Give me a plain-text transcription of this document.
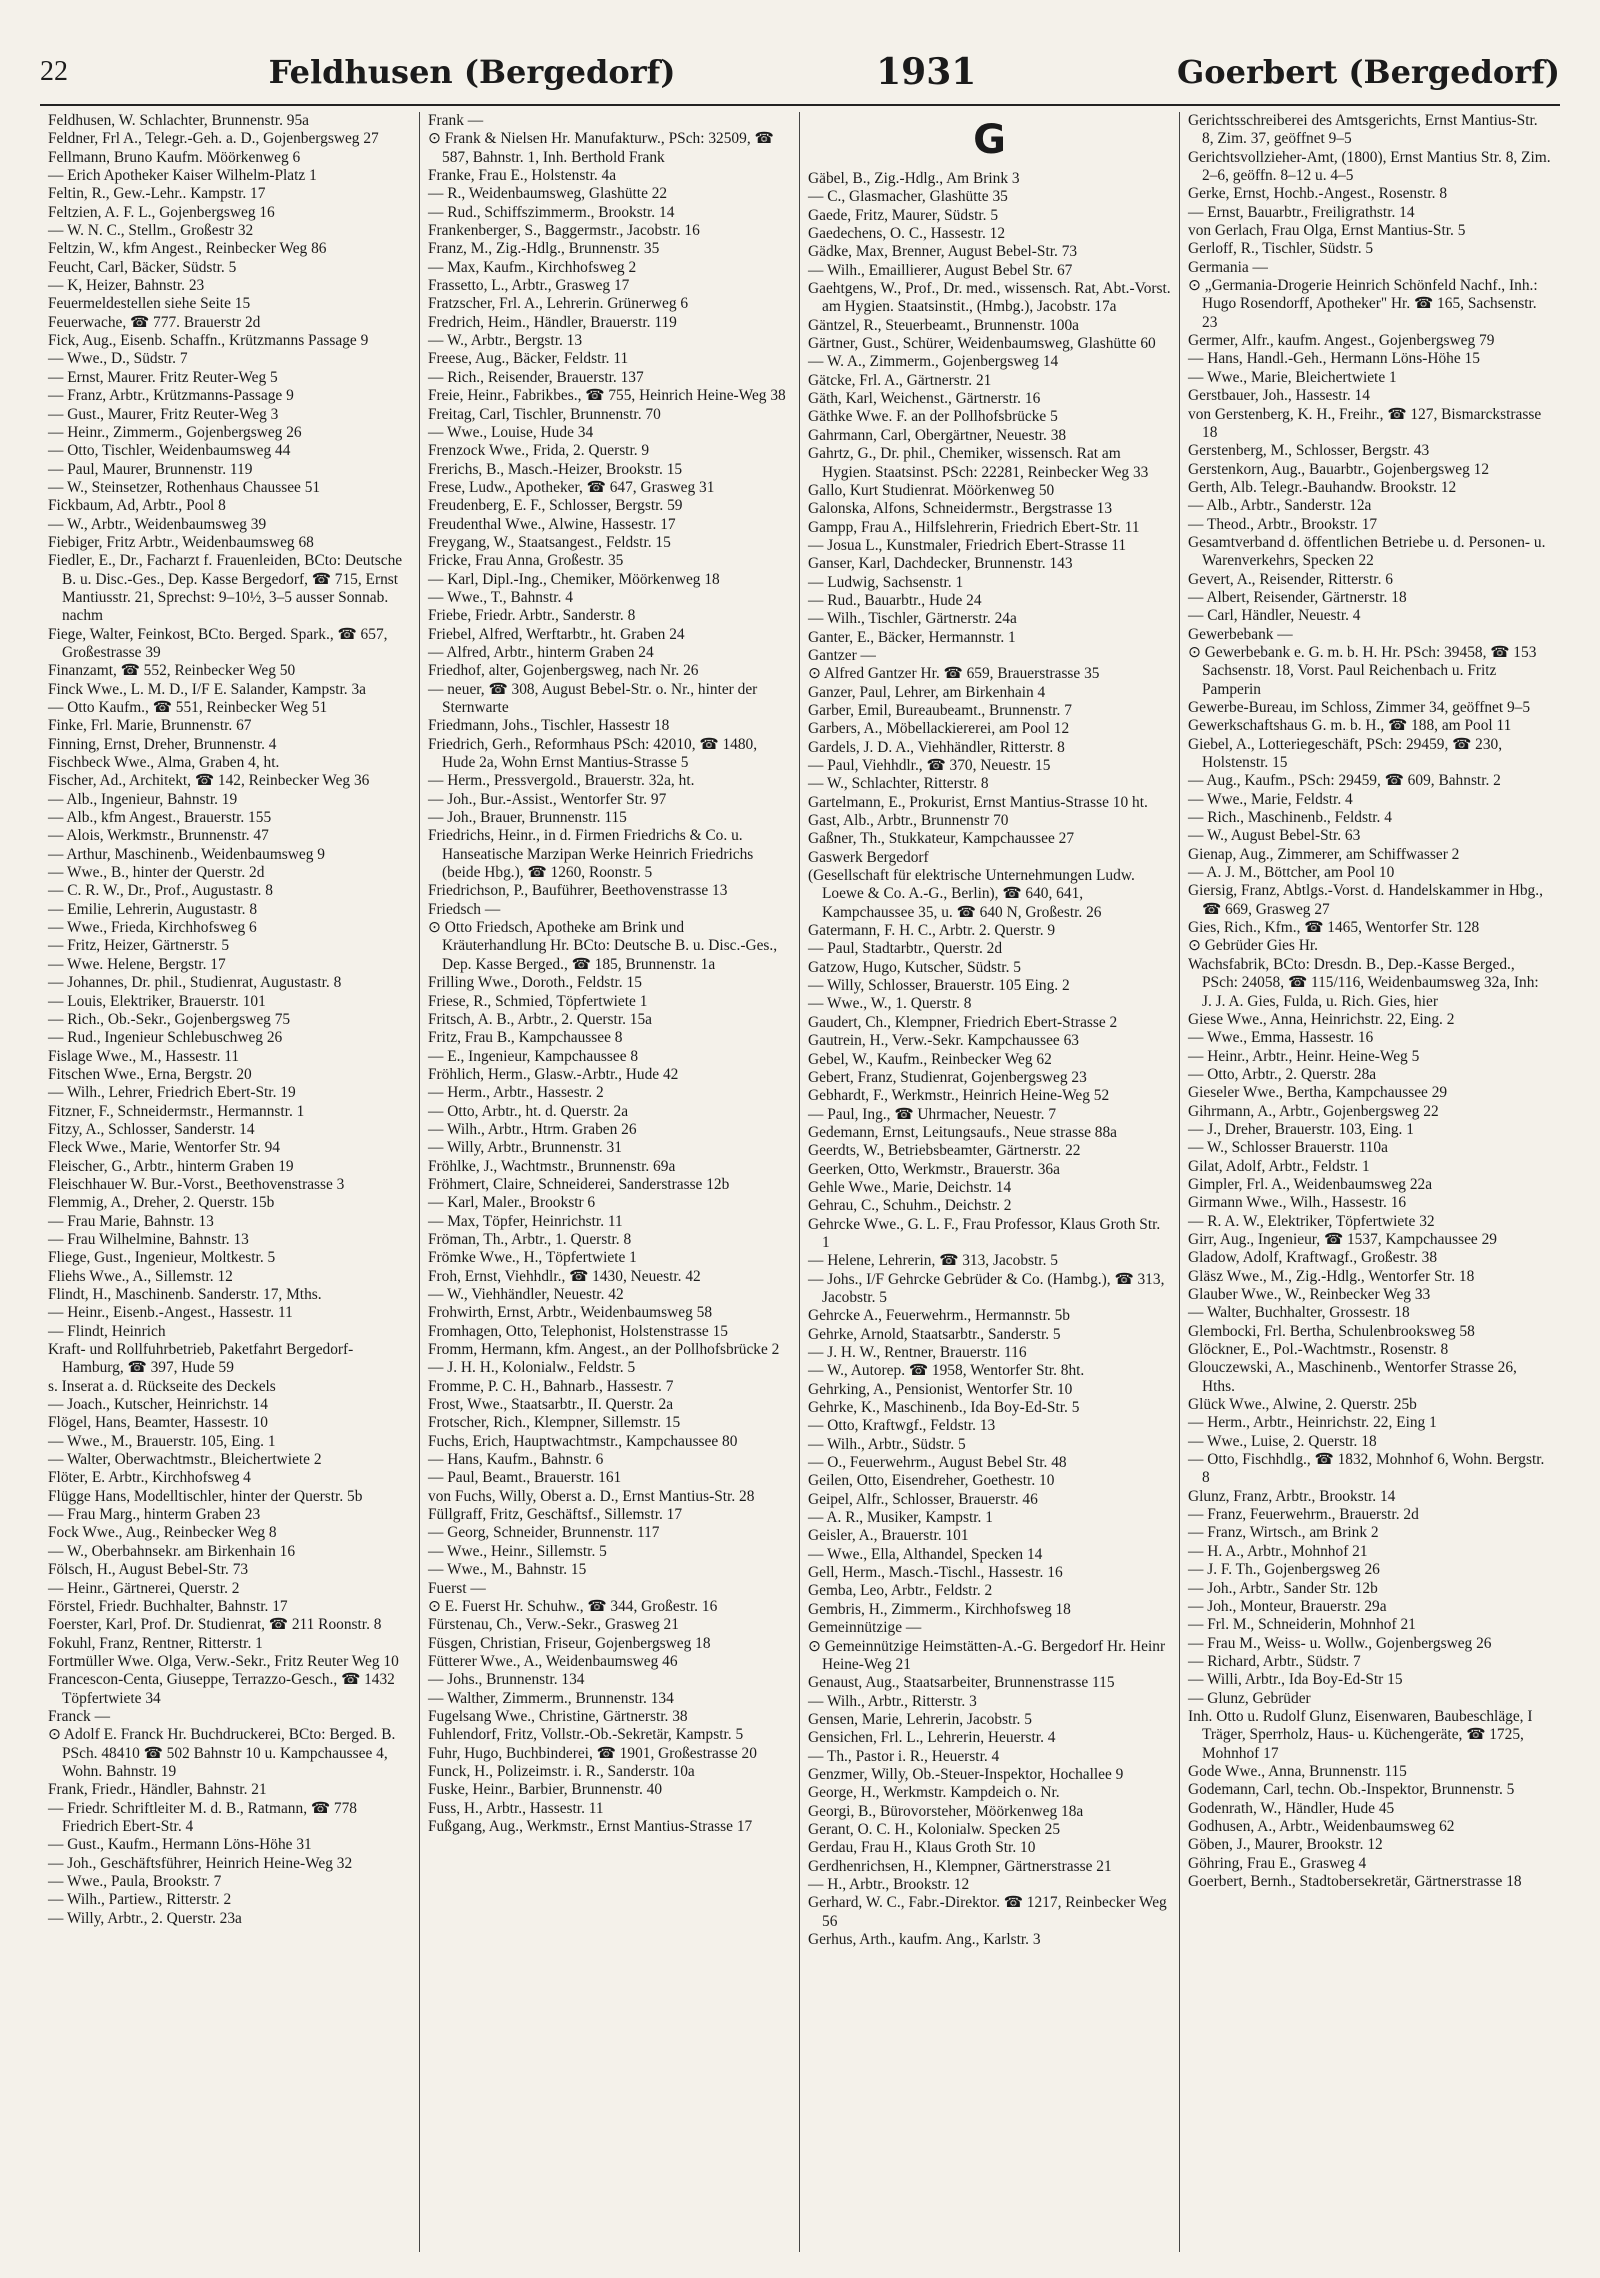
22	Feldhusen (Bergedorf)	1931	Goerbert (Bergedorf)

Feldhusen, W. Schlachter, Brunnenstr. 95a

Feldner, Frl A., Telegr.-Geh. a. D., Gojenbergsweg 27

Fellmann, Bruno Kaufm. Möörkenweg 6

— Erich Apotheker Kaiser Wilhelm-Platz 1

Feltin, R., Gew.-Lehr.. Kampstr. 17

Feltzien, A. F. L., Gojenbergsweg 16

— W. N. C., Stellm., Großestr 32

Feltzin, W., kfm Angest., Reinbecker Weg 86

Feucht, Carl, Bäcker, Südstr. 5

— K, Heizer, Bahnstr. 23

Feuermeldestellen siehe Seite 15

Feuerwache, ☎ 777. Brauerstr 2d

Fick, Aug., Eisenb. Schaffn., Krützmanns Passage 9

— Wwe., D., Südstr. 7

— Ernst, Maurer. Fritz Reuter-Weg 5

— Franz, Arbtr., Krützmanns-Passage 9

— Gust., Maurer, Fritz Reuter-Weg 3

— Heinr., Zimmerm., Gojenbergsweg 26

— Otto, Tischler, Weidenbaumsweg 44

— Paul, Maurer, Brunnenstr. 119

— W., Steinsetzer, Rothenhaus Chaussee 51

Fickbaum, Ad, Arbtr., Pool 8

— W., Arbtr., Weidenbaumsweg 39

Fiebiger, Fritz Arbtr., Weidenbaumsweg 68

Fiedler, E., Dr., Facharzt f. Frauenleiden, BCto: Deutsche B. u. Disc.-Ges., Dep. Kasse Bergedorf, ☎ 715, Ernst Mantiusstr. 21, Sprechst: 9–10½, 3–5 ausser Sonnab. nachm

Fiege, Walter, Feinkost, BCto. Berged. Spark., ☎ 657, Großestrasse 39

Finanzamt, ☎ 552, Reinbecker Weg 50

Finck Wwe., L. M. D., I/F E. Salander, Kampstr. 3a

— Otto Kaufm., ☎ 551, Reinbecker Weg 51

Finke, Frl. Marie, Brunnenstr. 67

Finning, Ernst, Dreher, Brunnenstr. 4

Fischbeck Wwe., Alma, Graben 4, ht.

Fischer, Ad., Architekt, ☎ 142, Reinbecker Weg 36

— Alb., Ingenieur, Bahnstr. 19

— Alb., kfm Angest., Brauerstr. 155

— Alois, Werkmstr., Brunnenstr. 47

— Arthur, Maschinenb., Weidenbaumsweg 9

— Wwe., B., hinter der Querstr. 2d

— C. R. W., Dr., Prof., Augustastr. 8

— Emilie, Lehrerin, Augustastr. 8

— Wwe., Frieda, Kirchhofsweg 6

— Fritz, Heizer, Gärtnerstr. 5

— Wwe. Helene, Bergstr. 17

— Johannes, Dr. phil., Studienrat, Augustastr. 8

— Louis, Elektriker, Brauerstr. 101

— Rich., Ob.-Sekr., Gojenbergsweg 75

— Rud., Ingenieur Schlebuschweg 26

Fislage Wwe., M., Hassestr. 11

Fitschen Wwe., Erna, Bergstr. 20

— Wilh., Lehrer, Friedrich Ebert-Str. 19

Fitzner, F., Schneidermstr., Hermannstr. 1

Fitzy, A., Schlosser, Sanderstr. 14

Fleck Wwe., Marie, Wentorfer Str. 94

Fleischer, G., Arbtr., hinterm Graben 19

Fleischhauer W. Bur.-Vorst., Beethovenstrasse 3

Flemmig, A., Dreher, 2. Querstr. 15b

— Frau Marie, Bahnstr. 13

— Frau Wilhelmine, Bahnstr. 13

Fliege, Gust., Ingenieur, Moltkestr. 5

Fliehs Wwe., A., Sillemstr. 12

Flindt, H., Maschinenb. Sanderstr. 17, Mths.

— Heinr., Eisenb.-Angest., Hassestr. 11

— Flindt, Heinrich

Kraft- und Rollfuhrbetrieb, Paketfahrt Bergedorf-Hamburg, ☎ 397, Hude 59

s. Inserat a. d. Rückseite des Deckels

— Joach., Kutscher, Heinrichstr. 14

Flögel, Hans, Beamter, Hassestr. 10

— Wwe., M., Brauerstr. 105, Eing. 1

— Walter, Oberwachtmstr., Bleichertwiete 2

Flöter, E. Arbtr., Kirchhofsweg 4

Flügge Hans, Modelltischler, hinter der Querstr. 5b

— Frau Marg., hinterm Graben 23

Fock Wwe., Aug., Reinbecker Weg 8

— W., Oberbahnsekr. am Birkenhain 16

Fölsch, H., August Bebel-Str. 73

— Heinr., Gärtnerei, Querstr. 2

Förstel, Friedr. Buchhalter, Bahnstr. 17

Foerster, Karl, Prof. Dr. Studienrat, ☎ 211 Roonstr. 8

Fokuhl, Franz, Rentner, Ritterstr. 1

Fortmüller Wwe. Olga, Verw.-Sekr., Fritz Reuter Weg 10

Francescon-Centa, Giuseppe, Terrazzo-Gesch., ☎ 1432 Töpfertwiete 34

Franck —

⊙ Adolf E. Franck Hr. Buchdruckerei, BCto: Berged. B. PSch. 48410 ☎ 502 Bahnstr 10 u. Kampchaussee 4, Wohn. Bahnstr. 19

Frank, Friedr., Händler, Bahnstr. 21

— Friedr. Schriftleiter M. d. B., Ratmann, ☎ 778 Friedrich Ebert-Str. 4

— Gust., Kaufm., Hermann Löns-Höhe 31

— Joh., Geschäftsführer, Heinrich Heine-Weg 32

— Wwe., Paula, Brookstr. 7

— Wilh., Partiew., Ritterstr. 2

— Willy, Arbtr., 2. Querstr. 23a

Frank —

⊙ Frank & Nielsen Hr. Manufakturw., PSch: 32509, ☎ 587, Bahnstr. 1, Inh. Berthold Frank

Franke, Frau E., Holstenstr. 4a

— R., Weidenbaumsweg, Glashütte 22

— Rud., Schiffszimmerm., Brookstr. 14

Frankenberger, S., Baggermstr., Jacobstr. 16

Franz, M., Zig.-Hdlg., Brunnenstr. 35

— Max, Kaufm., Kirchhofsweg 2

Frassetto, L., Arbtr., Grasweg 17

Fratzscher, Frl. A., Lehrerin. Grünerweg 6

Fredrich, Heim., Händler, Brauerstr. 119

— W., Arbtr., Bergstr. 13

Freese, Aug., Bäcker, Feldstr. 11

— Rich., Reisender, Brauerstr. 137

Freie, Heinr., Fabrikbes., ☎ 755, Heinrich Heine-Weg 38

Freitag, Carl, Tischler, Brunnenstr. 70

— Wwe., Louise, Hude 34

Frenzock Wwe., Frida, 2. Querstr. 9

Frerichs, B., Masch.-Heizer, Brookstr. 15

Frese, Ludw., Apotheker, ☎ 647, Grasweg 31

Freudenberg, E. F., Schlosser, Bergstr. 59

Freudenthal Wwe., Alwine, Hassestr. 17

Freygang, W., Staatsangest., Feldstr. 15

Fricke, Frau Anna, Großestr. 35

— Karl, Dipl.-Ing., Chemiker, Möörkenweg 18

— Wwe., T., Bahnstr. 4

Friebe, Friedr. Arbtr., Sanderstr. 8

Friebel, Alfred, Werftarbtr., ht. Graben 24

— Alfred, Arbtr., hinterm Graben 24

Friedhof, alter, Gojenbergsweg, nach Nr. 26

— neuer, ☎ 308, August Bebel-Str. o. Nr., hinter der Sternwarte

Friedmann, Johs., Tischler, Hassestr 18

Friedrich, Gerh., Reformhaus PSch: 42010, ☎ 1480, Hude 2a, Wohn Ernst Mantius-Strasse 5

— Herm., Pressvergold., Brauerstr. 32a, ht.

— Joh., Bur.-Assist., Wentorfer Str. 97

— Joh., Brauer, Brunnenstr. 115

Friedrichs, Heinr., in d. Firmen Friedrichs & Co. u. Hanseatische Marzipan Werke Heinrich Friedrichs (beide Hbg.), ☎ 1260, Roonstr. 5

Friedrichson, P., Bauführer, Beethovenstrasse 13

Friedsch —

⊙ Otto Friedsch, Apotheke am Brink und Kräuterhandlung Hr. BCto: Deutsche B. u. Disc.-Ges., Dep. Kasse Berged., ☎ 185, Brunnenstr. 1a

Frilling Wwe., Doroth., Feldstr. 15

Friese, R., Schmied, Töpfertwiete 1

Fritsch, A. B., Arbtr., 2. Querstr. 15a

Fritz, Frau B., Kampchaussee 8

— E., Ingenieur, Kampchaussee 8

Fröhlich, Herm., Glasw.-Arbtr., Hude 42

— Herm., Arbtr., Hassestr. 2

— Otto, Arbtr., ht. d. Querstr. 2a

— Wilh., Arbtr., Htrm. Graben 26

— Willy, Arbtr., Brunnenstr. 31

Fröhlke, J., Wachtmstr., Brunnenstr. 69a

Fröhmert, Claire, Schneiderei, Sanderstrasse 12b

— Karl, Maler., Brookstr 6

— Max, Töpfer, Heinrichstr. 11

Fröman, Th., Arbtr., 1. Querstr. 8

Frömke Wwe., H., Töpfertwiete 1

Froh, Ernst, Viehhdlr., ☎ 1430, Neuestr. 42

— W., Viehhändler, Neuestr. 42

Frohwirth, Ernst, Arbtr., Weidenbaumsweg 58

Fromhagen, Otto, Telephonist, Holstenstrasse 15

Fromm, Hermann, kfm. Angest., an der Pollhofsbrücke 2

— J. H. H., Kolonialw., Feldstr. 5

Fromme, P. C. H., Bahnarb., Hassestr. 7

Frost, Wwe., Staatsarbtr., II. Querstr. 2a

Frotscher, Rich., Klempner, Sillemstr. 15

Fuchs, Erich, Hauptwachtmstr., Kampchaussee 80

— Hans, Kaufm., Bahnstr. 6

— Paul, Beamt., Brauerstr. 161

von Fuchs, Willy, Oberst a. D., Ernst Mantius-Str. 28

Füllgraff, Fritz, Geschäftsf., Sillemstr. 17

— Georg, Schneider, Brunnenstr. 117

— Wwe., Heinr., Sillemstr. 5

— Wwe., M., Bahnstr. 15

Fuerst —

⊙ E. Fuerst Hr. Schuhw., ☎ 344, Großestr. 16

Fürstenau, Ch., Verw.-Sekr., Grasweg 21

Füsgen, Christian, Friseur, Gojenbergsweg 18

Fütterer Wwe., A., Weidenbaumsweg 46

— Johs., Brunnenstr. 134

— Walther, Zimmerm., Brunnenstr. 134

Fugelsang Wwe., Christine, Gärtnerstr. 38

Fuhlendorf, Fritz, Vollstr.-Ob.-Sekretär, Kampstr. 5

Fuhr, Hugo, Buchbinderei, ☎ 1901, Großestrasse 20

Funck, H., Polizeimstr. i. R., Sanderstr. 10a

Fuske, Heinr., Barbier, Brunnenstr. 40

Fuss, H., Arbtr., Hassestr. 11

Fußgang, Aug., Werkmstr., Ernst Mantius-Strasse 17

G

Gäbel, B., Zig.-Hdlg., Am Brink 3

— C., Glasmacher, Glashütte 35

Gaede, Fritz, Maurer, Südstr. 5

Gaedechens, O. C., Hassestr. 12

Gädke, Max, Brenner, August Bebel-Str. 73

— Wilh., Emaillierer, August Bebel Str. 67

Gaehtgens, W., Prof., Dr. med., wissensch. Rat, Abt.-Vorst. am Hygien. Staatsinstit., (Hmbg.), Jacobstr. 17a

Gäntzel, R., Steuerbeamt., Brunnenstr. 100a

Gärtner, Gust., Schürer, Weidenbaumsweg, Glashütte 60

— W. A., Zimmerm., Gojenbergsweg 14

Gätcke, Frl. A., Gärtnerstr. 21

Gäth, Karl, Weichenst., Gärtnerstr. 16

Gäthke Wwe. F. an der Pollhofsbrücke 5

Gahrmann, Carl, Obergärtner, Neuestr. 38

Gahrtz, G., Dr. phil., Chemiker, wissensch. Rat am Hygien. Staatsinst. PSch: 22281, Reinbecker Weg 33

Gallo, Kurt Studienrat. Möörkenweg 50

Galonska, Alfons, Schneidermstr., Bergstrasse 13

Gampp, Frau A., Hilfslehrerin, Friedrich Ebert-Str. 11

— Josua L., Kunstmaler, Friedrich Ebert-Strasse 11

Ganser, Karl, Dachdecker, Brunnenstr. 143

— Ludwig, Sachsenstr. 1

— Rud., Bauarbtr., Hude 24

— Wilh., Tischler, Gärtnerstr. 24a

Ganter, E., Bäcker, Hermannstr. 1

Gantzer —

⊙ Alfred Gantzer Hr. ☎ 659, Brauerstrasse 35

Ganzer, Paul, Lehrer, am Birkenhain 4

Garber, Emil, Bureaubeamt., Brunnenstr. 7

Garbers, A., Möbellackiererei, am Pool 12

Gardels, J. D. A., Viehhändler, Ritterstr. 8

— Paul, Viehhdlr., ☎ 370, Neuestr. 15

— W., Schlachter, Ritterstr. 8

Gartelmann, E., Prokurist, Ernst Mantius-Strasse 10 ht.

Gast, Alb., Arbtr., Brunnenstr 70

Gaßner, Th., Stukkateur, Kampchaussee 27

Gaswerk Bergedorf

(Gesellschaft für elektrische Unternehmungen Ludw. Loewe & Co. A.-G., Berlin), ☎ 640, 641, Kampchaussee 35, u. ☎ 640 N, Großestr. 26

Gatermann, F. H. C., Arbtr. 2. Querstr. 9

— Paul, Stadtarbtr., Querstr. 2d

Gatzow, Hugo, Kutscher, Südstr. 5

— Willy, Schlosser, Brauerstr. 105 Eing. 2

— Wwe., W., 1. Querstr. 8

Gaudert, Ch., Klempner, Friedrich Ebert-Strasse 2

Gautrein, H., Verw.-Sekr. Kampchaussee 63

Gebel, W., Kaufm., Reinbecker Weg 62

Gebert, Franz, Studienrat, Gojenbergsweg 23

Gebhardt, F., Werkmstr., Heinrich Heine-Weg 52

— Paul, Ing., ☎ Uhrmacher, Neuestr. 7

Gedemann, Ernst, Leitungsaufs., Neue strasse 88a

Geerdts, W., Betriebsbeamter, Gärtnerstr. 22

Geerken, Otto, Werkmstr., Brauerstr. 36a

Gehle Wwe., Marie, Deichstr. 14

Gehrau, C., Schuhm., Deichstr. 2

Gehrcke Wwe., G. L. F., Frau Professor, Klaus Groth Str. 1

— Helene, Lehrerin, ☎ 313, Jacobstr. 5

— Johs., I/F Gehrcke Gebrüder & Co. (Hambg.), ☎ 313, Jacobstr. 5

Gehrcke A., Feuerwehrm., Hermannstr. 5b

Gehrke, Arnold, Staatsarbtr., Sanderstr. 5

— J. H. W., Rentner, Brauerstr. 116

— W., Autorep. ☎ 1958, Wentorfer Str. 8ht.

Gehrking, A., Pensionist, Wentorfer Str. 10

Gehrke, K., Maschinenb., Ida Boy-Ed-Str. 5

— Otto, Kraftwgf., Feldstr. 13

— Wilh., Arbtr., Südstr. 5

— O., Feuerwehrm., August Bebel Str. 48

Geilen, Otto, Eisendreher, Goethestr. 10

Geipel, Alfr., Schlosser, Brauerstr. 46

— A. R., Musiker, Kampstr. 1

Geisler, A., Brauerstr. 101

— Wwe., Ella, Althandel, Specken 14

Gell, Herm., Masch.-Tischl., Hassestr. 16

Gemba, Leo, Arbtr., Feldstr. 2

Gembris, H., Zimmerm., Kirchhofsweg 18

Gemeinnützige —

⊙ Gemeinnützige Heimstätten-A.-G. Bergedorf Hr. Heinr Heine-Weg 21

Genaust, Aug., Staatsarbeiter, Brunnenstrasse 115

— Wilh., Arbtr., Ritterstr. 3

Gensen, Marie, Lehrerin, Jacobstr. 5

Gensichen, Frl. L., Lehrerin, Heuerstr. 4

— Th., Pastor i. R., Heuerstr. 4

Genzmer, Willy, Ob.-Steuer-Inspektor, Hochallee 9

George, H., Werkmstr. Kampdeich o. Nr.

Georgi, B., Bürovorsteher, Möörkenweg 18a

Gerant, O. C. H., Kolonialw. Specken 25

Gerdau, Frau H., Klaus Groth Str. 10

Gerdhenrichsen, H., Klempner, Gärtnerstrasse 21

— H., Arbtr., Brookstr. 12

Gerhard, W. C., Fabr.-Direktor. ☎ 1217, Reinbecker Weg 56

Gerhus, Arth., kaufm. Ang., Karlstr. 3

Gerichtsschreiberei des Amtsgerichts, Ernst Mantius-Str. 8, Zim. 37, geöffnet 9–5

Gerichtsvollzieher-Amt, (1800), Ernst Mantius Str. 8, Zim. 2–6, geöffn. 8–12 u. 4–5

Gerke, Ernst, Hochb.-Angest., Rosenstr. 8

— Ernst, Bauarbtr., Freiligrathstr. 14

von Gerlach, Frau Olga, Ernst Mantius-Str. 5

Gerloff, R., Tischler, Südstr. 5

Germania —

⊙ „Germania-Drogerie Heinrich Schönfeld Nachf., Inh.: Hugo Rosendorff, Apotheker" Hr. ☎ 165, Sachsenstr. 23

Germer, Alfr., kaufm. Angest., Gojenbergsweg 79

— Hans, Handl.-Geh., Hermann Löns-Höhe 15

— Wwe., Marie, Bleichertwiete 1

Gerstbauer, Joh., Hassestr. 14

von Gerstenberg, K. H., Freihr., ☎ 127, Bismarckstrasse 18

Gerstenberg, M., Schlosser, Bergstr. 43

Gerstenkorn, Aug., Bauarbtr., Gojenbergsweg 12

Gerth, Alb. Telegr.-Bauhandw. Brookstr. 12

— Alb., Arbtr., Sanderstr. 12a

— Theod., Arbtr., Brookstr. 17

Gesamtverband d. öffentlichen Betriebe u. d. Personen- u. Warenverkehrs, Specken 22

Gevert, A., Reisender, Ritterstr. 6

— Albert, Reisender, Gärtnerstr. 18

— Carl, Händler, Neuestr. 4

Gewerbebank —

⊙ Gewerbebank e. G. m. b. H. Hr. PSch: 39458, ☎ 153 Sachsenstr. 18, Vorst. Paul Reichenbach u. Fritz Pamperin

Gewerbe-Bureau, im Schloss, Zimmer 34, geöffnet 9–5

Gewerkschaftshaus G. m. b. H., ☎ 188, am Pool 11

Giebel, A., Lotteriegeschäft, PSch: 29459, ☎ 230, Holstenstr. 15

— Aug., Kaufm., PSch: 29459, ☎ 609, Bahnstr. 2

— Wwe., Marie, Feldstr. 4

— Rich., Maschinenb., Feldstr. 4

— W., August Bebel-Str. 63

Gienap, Aug., Zimmerer, am Schiffwasser 2

— A. J. M., Böttcher, am Pool 10

Giersig, Franz, Abtlgs.-Vorst. d. Handelskammer in Hbg., ☎ 669, Grasweg 27

Gies, Rich., Kfm., ☎ 1465, Wentorfer Str. 128

⊙ Gebrüder Gies Hr.

Wachsfabrik, BCto: Dresdn. B., Dep.-Kasse Berged., PSch: 24058, ☎ 115/116, Weidenbaumsweg 32a, Inh: J. J. A. Gies, Fulda, u. Rich. Gies, hier

Giese Wwe., Anna, Heinrichstr. 22, Eing. 2

— Wwe., Emma, Hassestr. 16

— Heinr., Arbtr., Heinr. Heine-Weg 5

— Otto, Arbtr., 2. Querstr. 28a

Gieseler Wwe., Bertha, Kampchaussee 29

Gihrmann, A., Arbtr., Gojenbergsweg 22

— J., Dreher, Brauerstr. 103, Eing. 1

— W., Schlosser Brauerstr. 110a

Gilat, Adolf, Arbtr., Feldstr. 1

Gimpler, Frl. A., Weidenbaumsweg 22a

Girmann Wwe., Wilh., Hassestr. 16

— R. A. W., Elektriker, Töpfertwiete 32

Girr, Aug., Ingenieur, ☎ 1537, Kampchaussee 29

Gladow, Adolf, Kraftwagf., Großestr. 38

Gläsz Wwe., M., Zig.-Hdlg., Wentorfer Str. 18

Glauber Wwe., W., Reinbecker Weg 33

— Walter, Buchhalter, Grossestr. 18

Glembocki, Frl. Bertha, Schulenbrooksweg 58

Glöckner, E., Pol.-Wachtmstr., Rosenstr. 8

Glouczewski, A., Maschinenb., Wentorfer Strasse 26, Hths.

Glück Wwe., Alwine, 2. Querstr. 25b

— Herm., Arbtr., Heinrichstr. 22, Eing 1

— Wwe., Luise, 2. Querstr. 18

— Otto, Fischhdlg., ☎ 1832, Mohnhof 6, Wohn. Bergstr. 8

Glunz, Franz, Arbtr., Brookstr. 14

— Franz, Feuerwehrm., Brauerstr. 2d

— Franz, Wirtsch., am Brink 2

— H. A., Arbtr., Mohnhof 21

— J. F. Th., Gojenbergsweg 26

— Joh., Arbtr., Sander Str. 12b

— Joh., Monteur, Brauerstr. 29a

— Frl. M., Schneiderin, Mohnhof 21

— Frau M., Weiss- u. Wollw., Gojenbergsweg 26

— Richard, Arbtr., Südstr. 7

— Willi, Arbtr., Ida Boy-Ed-Str 15

— Glunz, Gebrüder

Inh. Otto u. Rudolf Glunz, Eisenwaren, Baubeschläge, I Träger, Sperrholz, Haus- u. Küchengeräte, ☎ 1725, Mohnhof 17

Gode Wwe., Anna, Brunnenstr. 115

Godemann, Carl, techn. Ob.-Inspektor, Brunnenstr. 5

Godenrath, W., Händler, Hude 45

Godhusen, A., Arbtr., Weidenbaumsweg 62

Göben, J., Maurer, Brookstr. 12

Göhring, Frau E., Grasweg 4

Goerbert, Bernh., Stadtobersekretär, Gärtnerstrasse 18
